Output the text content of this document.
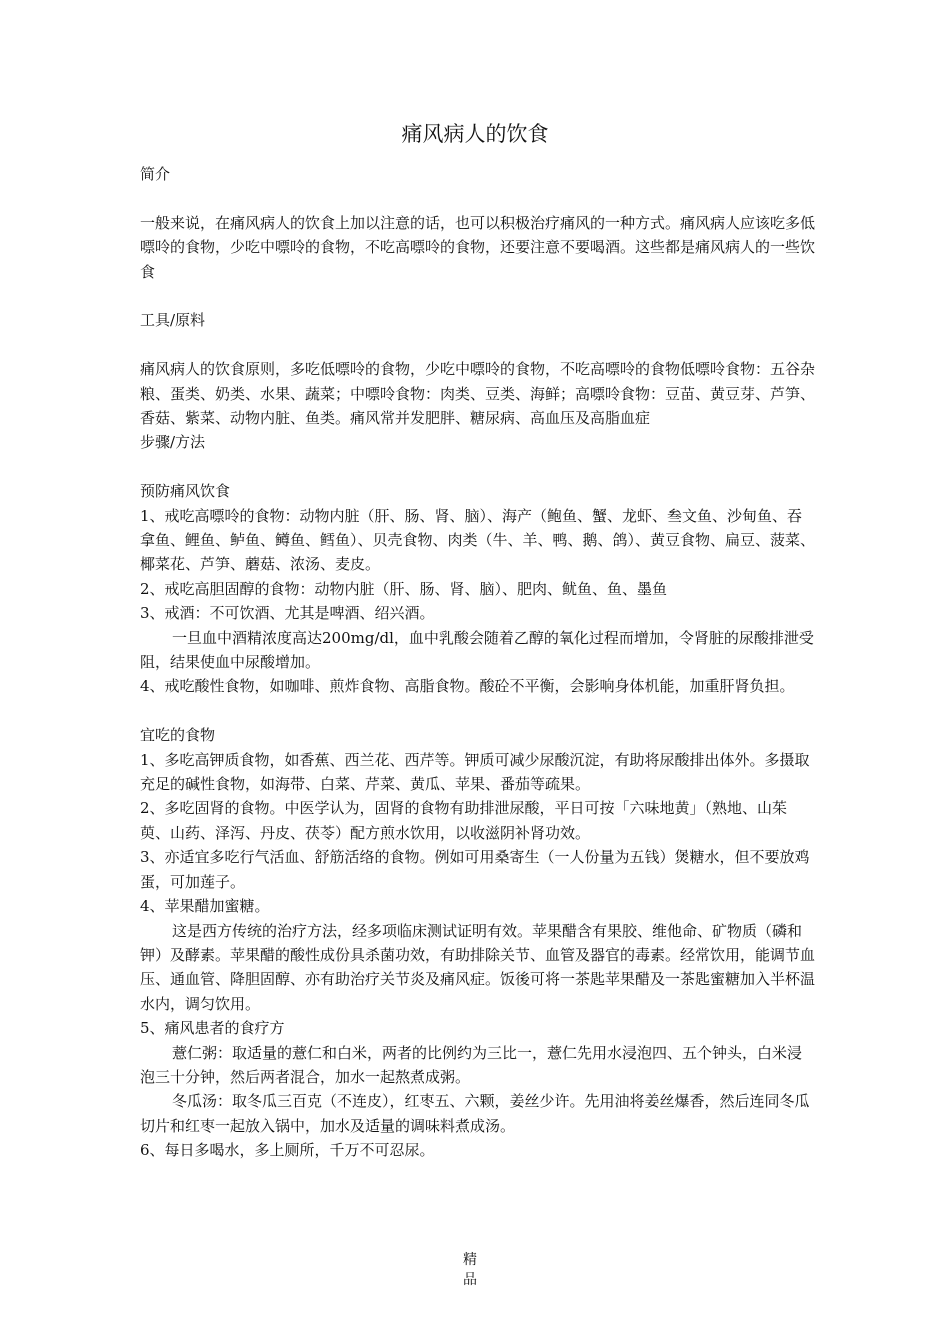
痛风病人的饮食

简介

一般来说，在痛风病人的饮食上加以注意的话，也可以积极治疗痛风的一种方式。痛风病人应该吃多低嘌呤的食物，少吃中嘌呤的食物，不吃高嘌呤的食物，还要注意不要喝酒。这些都是痛风病人的一些饮食

工具/原料

痛风病人的饮食原则，多吃低嘌呤的食物，少吃中嘌呤的食物，不吃高嘌呤的食物低嘌呤食物：五谷杂粮、蛋类、奶类、水果、蔬菜；中嘌呤食物：肉类、豆类、海鲜；高嘌呤食物：豆苗、黄豆芽、芦笋、香菇、紫菜、动物内脏、鱼类。痛风常并发肥胖、糖尿病、高血压及高脂血症

步骤/方法

预防痛风饮食

1、戒吃高嘌呤的食物：动物内脏（肝、肠、肾、脑）、海产（鲍鱼、蟹、龙虾、叁文鱼、沙甸鱼、吞拿鱼、鲤鱼、鲈鱼、鳟鱼、鳕鱼）、贝壳食物、肉类（牛、羊、鸭、鹅、鸽）、黄豆食物、扁豆、菠菜、椰菜花、芦笋、蘑菇、浓汤、麦皮。

2、戒吃高胆固醇的食物：动物内脏（肝、肠、肾、脑）、肥肉、鱿鱼、鱼、墨鱼

3、戒酒：不可饮酒、尤其是啤酒、绍兴酒。

一旦血中酒精浓度高达200mg/dl，血中乳酸会随着乙醇的氧化过程而增加，令肾脏的尿酸排泄受阻，结果使血中尿酸增加。

4、戒吃酸性食物，如咖啡、煎炸食物、高脂食物。酸砼不平衡，会影响身体机能，加重肝肾负担。

宜吃的食物

1、多吃高钾质食物，如香蕉、西兰花、西芹等。钾质可减少尿酸沉淀，有助将尿酸排出体外。多摄取充足的碱性食物，如海带、白菜、芹菜、黄瓜、苹果、番茄等疏果。

2、多吃固肾的食物。中医学认为，固肾的食物有助排泄尿酸，平日可按「六味地黄」（熟地、山茱萸、山药、泽泻、丹皮、茯苓）配方煎水饮用，以收滋阴补肾功效。

3、亦适宜多吃行气活血、舒筋活络的食物。例如可用桑寄生（一人份量为五钱）煲糖水，但不要放鸡蛋，可加莲子。

4、苹果醋加蜜糖。

这是西方传统的治疗方法，经多项临床测试证明有效。苹果醋含有果胶、维他命、矿物质（磷和钾）及酵素。苹果醋的酸性成份具杀菌功效，有助排除关节、血管及器官的毒素。经常饮用，能调节血压、通血管、降胆固醇、亦有助治疗关节炎及痛风症。饭後可将一茶匙苹果醋及一茶匙蜜糖加入半杯温水内，调匀饮用。

5、痛风患者的食疗方

薏仁粥：取适量的薏仁和白米，两者的比例约为三比一，薏仁先用水浸泡四、五个钟头，白米浸泡三十分钟，然后两者混合，加水一起熬煮成粥。

冬瓜汤：取冬瓜三百克（不连皮），红枣五、六颗，姜丝少许。先用油将姜丝爆香，然后连同冬瓜切片和红枣一起放入锅中，加水及适量的调味料煮成汤。

6、每日多喝水，多上厕所，千万不可忍尿。

精
品
